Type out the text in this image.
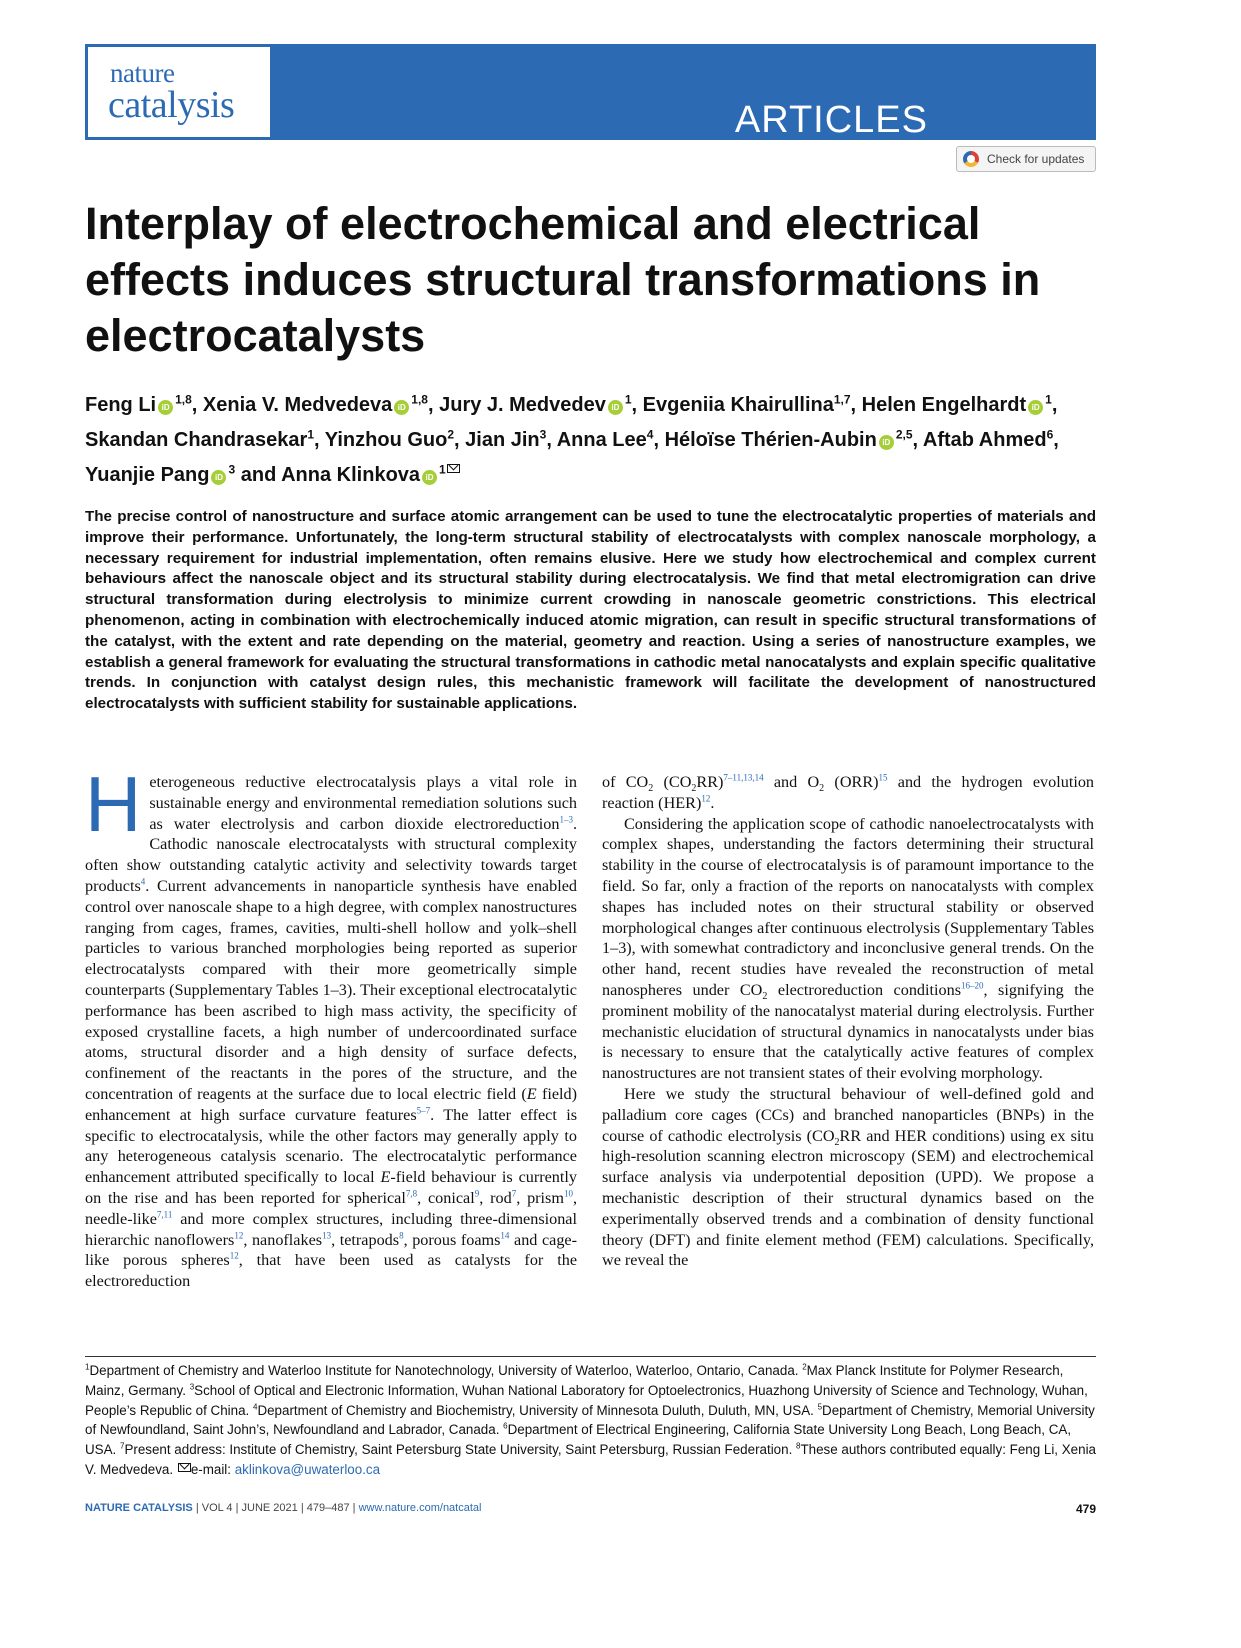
ARTICLES
https://doi.org/10.1038/s41929-021-00624-y
nature
catalysis
Check for updates
Interplay of electrochemical and electrical effects induces structural transformations in electrocatalysts
Feng Li iD$^{1,8}$, Xenia V. Medvedeva iD$^{1,8}$, Jury J. Medvedev $iD^1$, Evgeniia Khairullina$^{1,7}$, Helen Engelhardt $iD^1$, Skandan Chandrasekar$^1$, Yinzhou Guo$^2$, Jian Jin$^3$, Anna Lee$^4$, Héloïse Thérien-Aubin iD$^{2,5}$, Aftab Ahmed$^6$, Yuanjie Pang $iD^3$ and Anna Klinkova $iD^1$

The precise control of nanostructure and surface atomic arrangement can be used to tune the electrocatalytic properties of materials and improve their performance. Unfortunately, the long-term structural stability of electrocatalysts with complex nanoscale morphology, a necessary requirement for industrial implementation, often remains elusive. Here we study how electrochemical and complex current behaviours affect the nanoscale object and its structural stability during electrocatalysis. We find that metal electromigration can drive structural transformation during electrolysis to minimize current crowding in nanoscale geometric constrictions. This electrical phenomenon, acting in combination with electrochemically induced atomic migration, can result in specific structural transformations of the catalyst, with the extent and rate depending on the material, geometry and reaction. Using a series of nanostructure examples, we establish a general framework for evaluating the structural transformations in cathodic metal nanocatalysts and explain specific qualitative trends. In conjunction with catalyst design rules, this mechanistic framework will facilitate the development of nanostructured electrocatalysts with sufficient stability for sustainable applications.

H eterogeneous reductive electrocatalysis plays a vital role in sustainable energy and environmental remediation solutions such as water electrolysis and carbon dioxide electroreduction$^{1-3}$. Cathodic nanoscale electrocatalysts with structural complexity often show outstanding catalytic activity and selectivity towards target products$^4$. Current advancements in nanoparticle synthesis have enabled control over nanoscale shape to a high degree, with complex nanostructures ranging from cages, frames, cavities, multi-shell hollow and yolk–shell particles to various branched morphologies being reported as superior electrocatalysts compared with their more geometrically simple counterparts (Supplementary Tables 1–3). Their exceptional electrocatalytic performance has been ascribed to high mass activity, the specificity of exposed crystalline facets, a high number of undercoordinated surface atoms, structural disorder and a high density of surface defects, confinement of the reactants in the pores of the structure, and the concentration of reagents at the surface due to local electric field (E field) enhancement at high surface curvature features$^{5-7}$. The latter effect is specific to electrocatalysis, while the other factors may generally apply to any heterogeneous catalysis scenario. The electrocatalytic performance enhancement attributed specifically to local E-field behaviour is currently on the rise and has been reported for spherical$^{7,8}$, conical$^9$, rod$^7$, prism$^{10}$, needle-like$^{7,11}$ and more complex structures, including three-dimensional hierarchic nanoflowers$^{12}$, nanoflakes$^{13}$, tetrapods$^8$, porous foams$^{14}$ and cage-like porous spheres$^{12}$, that have been used as catalysts for the electroreduction

of $CO_2$ $(CO_2RR)^{7-11,13,14}$ and $O_2$ (ORR)$^{15}$ and the hydrogen evolution reaction (HER)$^{12}$.

Considering the application scope of cathodic nanoelectrocatalysts with complex shapes, understanding the factors determining their structural stability in the course of electrocatalysis is of paramount importance to the field. So far, only a fraction of the reports on nanocatalysts with complex shapes has included notes on their structural stability or observed morphological changes after continuous electrolysis (Supplementary Tables 1–3), with somewhat contradictory and inconclusive general trends. On the other hand, recent studies have revealed the reconstruction of metal nanospheres under $CO_2$ electroreduction conditions$^{16-20}$, signifying the prominent mobility of the nanocatalyst material during electrolysis. Further mechanistic elucidation of structural dynamics in nanocatalysts under bias is necessary to ensure that the catalytically active features of complex nanostructures are not transient states of their evolving morphology.

Here we study the structural behaviour of well-defined gold and palladium core cages (CCs) and branched nanoparticles (BNPs) in the course of cathodic electrolysis ($CO_2RR$ and HER conditions) using ex situ high-resolution scanning electron microscopy (SEM) and electrochemical surface analysis via underpotential deposition (UPD). We propose a mechanistic description of their structural dynamics based on the experimentally observed trends and a combination of density functional theory (DFT) and finite element method (FEM) calculations. Specifically, we reveal the

$^1$Department of Chemistry and Waterloo Institute for Nanotechnology, University of Waterloo, Waterloo, Ontario, Canada. $^2$Max Planck Institute for Polymer Research, Mainz, Germany. $^3$School of Optical and Electronic Information, Wuhan National Laboratory for Optoelectronics, Huazhong University of Science and Technology, Wuhan, People’s Republic of China. $^4$Department of Chemistry and Biochemistry, University of Minnesota Duluth, Duluth, MN, USA. $^5$Department of Chemistry, Memorial University of Newfoundland, Saint John’s, Newfoundland and Labrador, Canada. $^6$Department of Electrical Engineering, California State University Long Beach, Long Beach, CA, USA. $^7$Present address: Institute of Chemistry, Saint Petersburg State University, Saint Petersburg, Russian Federation. $^8$These authors contributed equally: Feng Li, Xenia V. Medvedeva. e-mail: aklinkova@uwaterloo.ca

NATURE CATALYSIS | VOL 4 | JUNE 2021 | 479–487 | www.nature.com/natcatal	479
